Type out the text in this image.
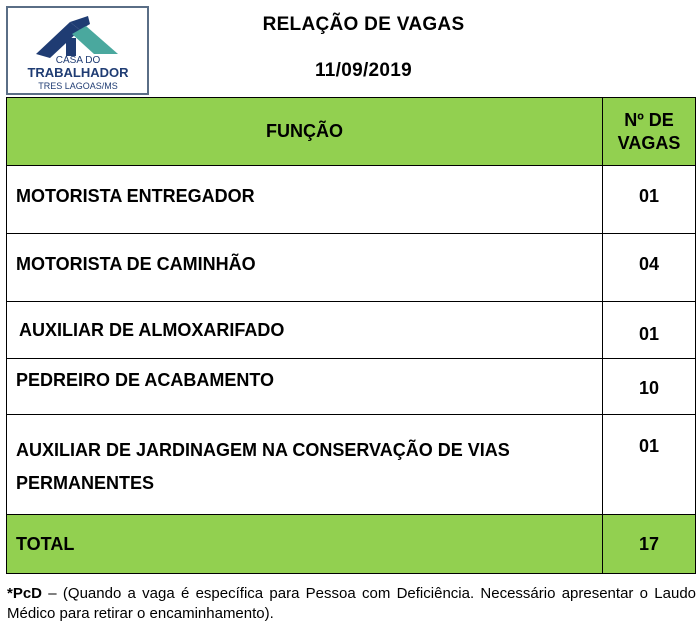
CASA DO
TRABALHADOR
TRES LAGOAS/MS
RELAÇÃO DE VAGAS
11/09/2019
FUNÇÃO	Nº DE
VAGAS
MOTORISTA ENTREGADOR	01
MOTORISTA DE CAMINHÃO	04
AUXILIAR DE ALMOXARIFADO	01
PEDREIRO DE ACABAMENTO	10
AUXILIAR DE JARDINAGEM NA CONSERVAÇÃO DE VIAS PERMANENTES	01
TOTAL	17
*PcD – (Quando a vaga é específica para Pessoa com Deficiência. Necessário apresentar o Laudo Médico para retirar o encaminhamento).
